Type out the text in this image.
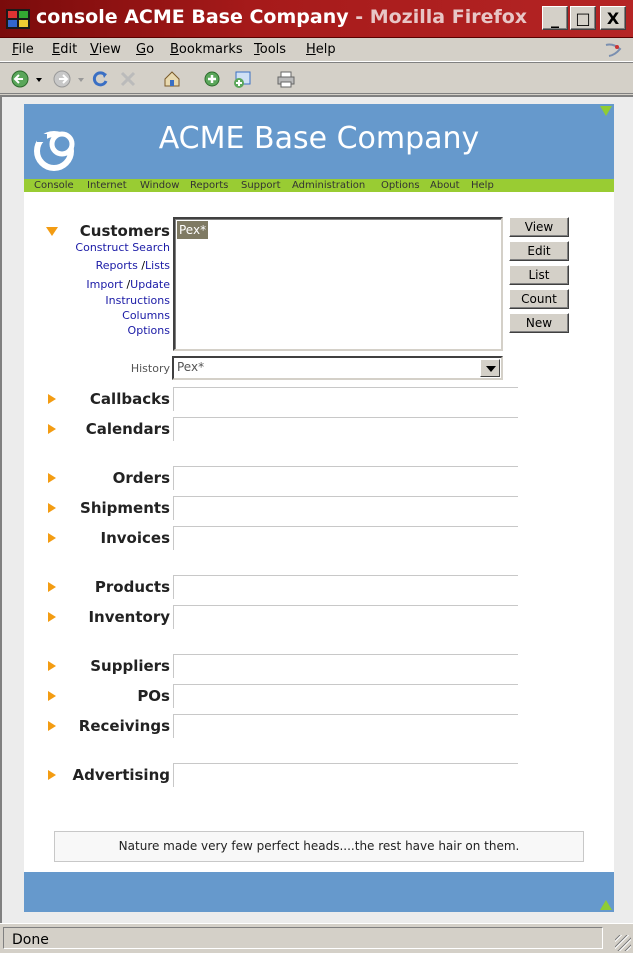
console ACME Base Company - Mozilla Firefox _ □ X
File Edit View Go Bookmarks Tools Help
ACME Base Company
Console Internet Window Reports Support Administration Options About Help
Customers
Construct Search
Reports /Lists
Import /Update
Instructions
Columns
Options
Pex*	View
Edit
List
Count
New
History Pex*
Callbacks
Calendars
Orders
Shipments
Invoices
Products
Inventory
Suppliers
POs
Receivings
Advertising
Nature made very few perfect heads....the rest have hair on them.
Done
